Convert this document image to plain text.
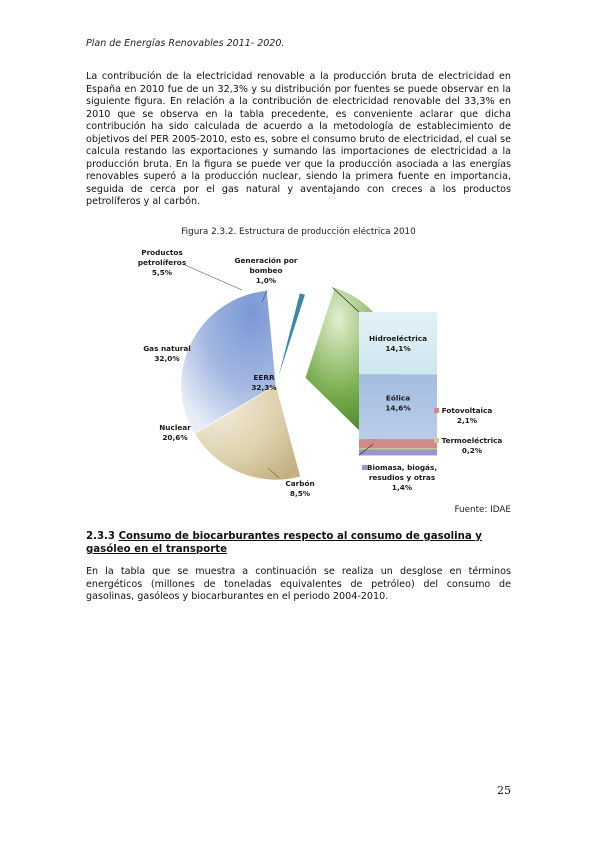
Plan de Energías Renovables 2011- 2020.

La contribución de la electricidad renovable a la producción bruta de electricidad en España en 2010 fue de un 32,3% y su distribución por fuentes se puede observar en la siguiente figura. En relación a la contribución de electricidad renovable del 33,3% en 2010 que se observa en la tabla precedente, es conveniente aclarar que dicha contribución ha sido calculada de acuerdo a la metodología de establecimiento de objetivos del PER 2005-2010, esto es, sobre el consumo bruto de electricidad, el cual se calcula restando las exportaciones y sumando las importaciones de electricidad a la producción bruta. En la figura se puede ver que la producción asociada a las energías renovables superó a la producción nuclear, siendo la primera fuente en importancia, seguida de cerca por el gas natural y aventajando con creces a los productos petrolíferos y al carbón.

Figura 2.3.2. Estructura de producción eléctrica 2010
EERR 32,3%
Gas natural 32,0%
Nuclear 20,6%
Carbón 8,5%
Productos petrolíferos 5,5%
Generación por bombeo 1,0%
Hidroeléctrica 14,1%
Eólica 14,6%	Fotovoltaica 2,1%
Termoeléctrica 0,2%
Biomasa, biogás, resudios y otras 1,4%
Fuente: IDAE
2.3.3 Consumo de biocarburantes respecto al consumo de gasolina y gasóleo en el transporte

En la tabla que se muestra a continuación se realiza un desglose en términos energéticos (millones de toneladas equivalentes de petróleo) del consumo de gasolinas, gasóleos y biocarburantes en el periodo 2004-2010.

25
